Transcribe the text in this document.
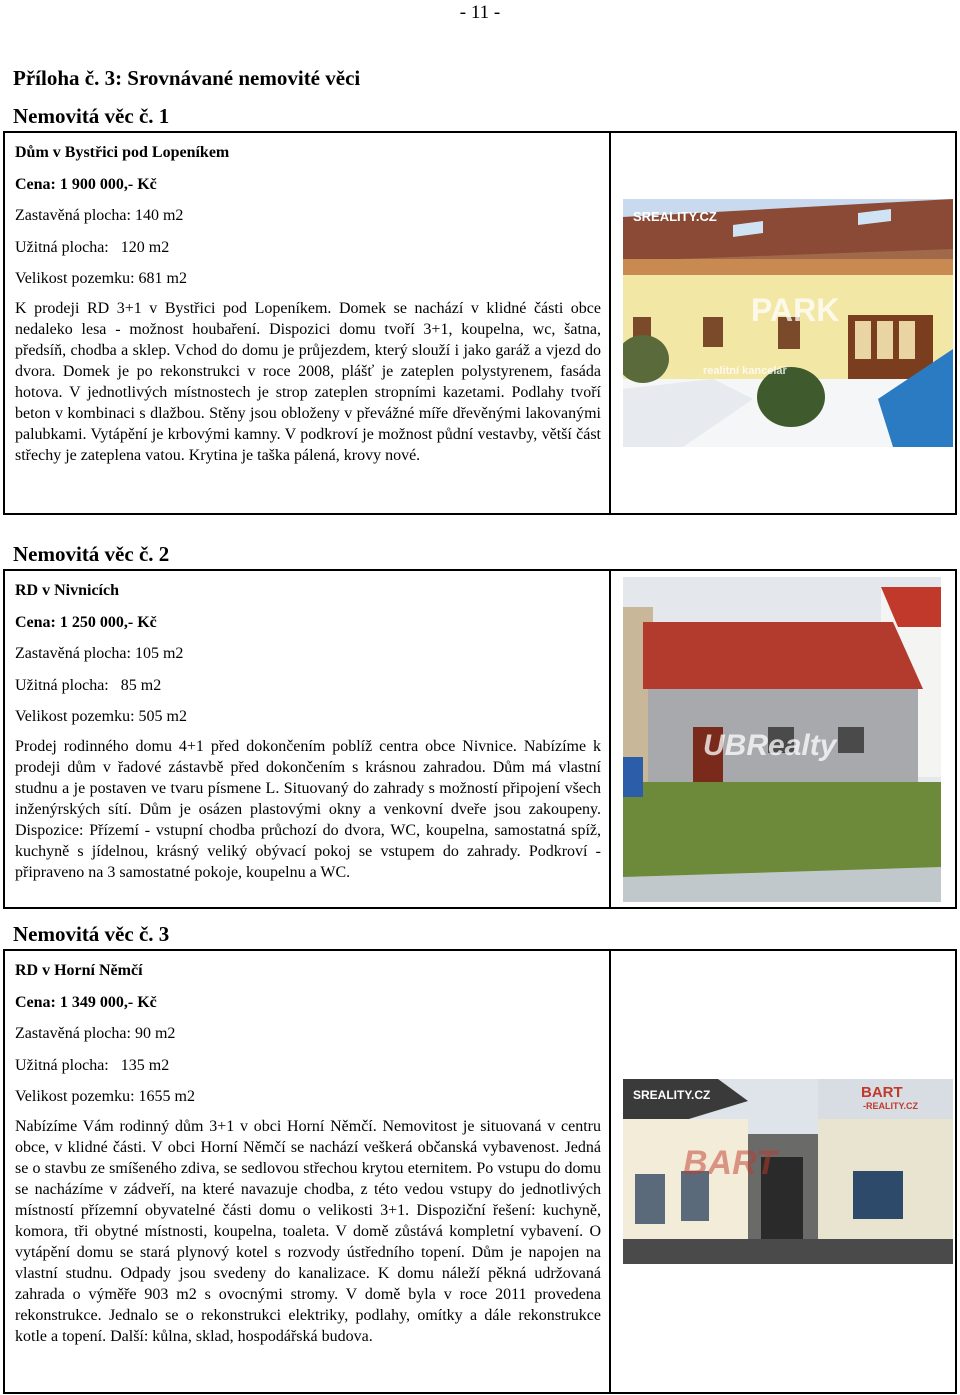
- 11 -
Příloha č. 3: Srovnávané nemovité věci
Nemovitá věc č. 1
Dům v Bystřici pod Lopeníkem
Cena: 1 900 000,- Kč
Zastavěná plocha: 140 m2
Užitná plocha:   120 m2
Velikost pozemku: 681 m2
K prodeji RD 3+1 v Bystřici pod Lopeníkem. Domek se nachází v klidné části obce nedaleko lesa - možnost houbaření. Dispozici domu tvoří 3+1, koupelna, wc, šatna, předsíň, chodba a sklep. Vchod do domu je průjezdem, který slouží i jako garáž a vjezd do dvora. Domek je po rekonstrukci v roce 2008, plášť je zateplen polystyrenem, fasáda hotova. V jednotlivých místnostech je strop zateplen stropními kazetami. Podlahy tvoří beton v kombinaci s dlažbou. Stěny jsou obloženy v převážné míře dřevěnými lakovanými palubkami. Vytápění je krbovými kamny. V podkroví je možnost půdní vestavby, větší část střechy je zateplena vatou. Krytina je taška pálená, krovy nové.

SREALITY.CZ
PARK
realitní kancelář
Nemovitá věc č. 2
RD v Nivnicích
Cena: 1 250 000,- Kč
Zastavěná plocha: 105 m2
Užitná plocha:   85 m2
Velikost pozemku: 505 m2
Prodej rodinného domu 4+1 před dokončením poblíž centra obce Nivnice. Nabízíme k prodeji dům v řadové zástavbě před dokončením s krásnou zahradou. Dům má vlastní studnu a je postaven ve tvaru písmene L. Situovaný do zahrady s možností připojení všech inženýrských sítí. Dům je osázen plastovými okny a venkovní dveře jsou zakoupeny. Dispozice: Přízemí - vstupní chodba průchozí do dvora, WC, koupelna, samostatná spíž, kuchyně s jídelnou, krásný veliký obývací pokoj se vstupem do zahrady. Podkroví - připraveno na 3 samostatné pokoje, koupelnu a WC.

UBRealty
Nemovitá věc č. 3
RD v Horní Němčí
Cena: 1 349 000,- Kč
Zastavěná plocha: 90 m2
Užitná plocha:   135 m2
Velikost pozemku: 1655 m2
Nabízíme Vám rodinný dům 3+1 v obci Horní Němčí. Nemovitost je situovaná v centru obce, v klidné části. V obci Horní Němčí se nachází veškerá občanská vybavenost. Jedná se o stavbu ze smíšeného zdiva, se sedlovou střechou krytou eternitem. Po vstupu do domu se nacházíme v zádveří, na které navazuje chodba, z této vedou vstupy do jednotlivých místností přízemní obyvatelné části domu o velikosti 3+1. Dispoziční řešení: kuchyně, komora, tři obytné místnosti, koupelna, toaleta. V domě zůstává kompletní vybavení. O vytápění domu se stará plynový kotel s rozvody ústředního topení. Dům je napojen na vlastní studnu. Odpady jsou svedeny do kanalizace. K domu náleží pěkná udržovaná zahrada o výměře 903 m2 s ovocnými stromy. V domě byla v roce 2011 provedena rekonstrukce. Jednalo se o rekonstrukci elektriky, podlahy, omítky a dále rekonstrukce kotle a topení. Další: kůlna, sklad, hospodářská budova.

SREALITY.CZ	BART
-REALITY.CZ
BART
